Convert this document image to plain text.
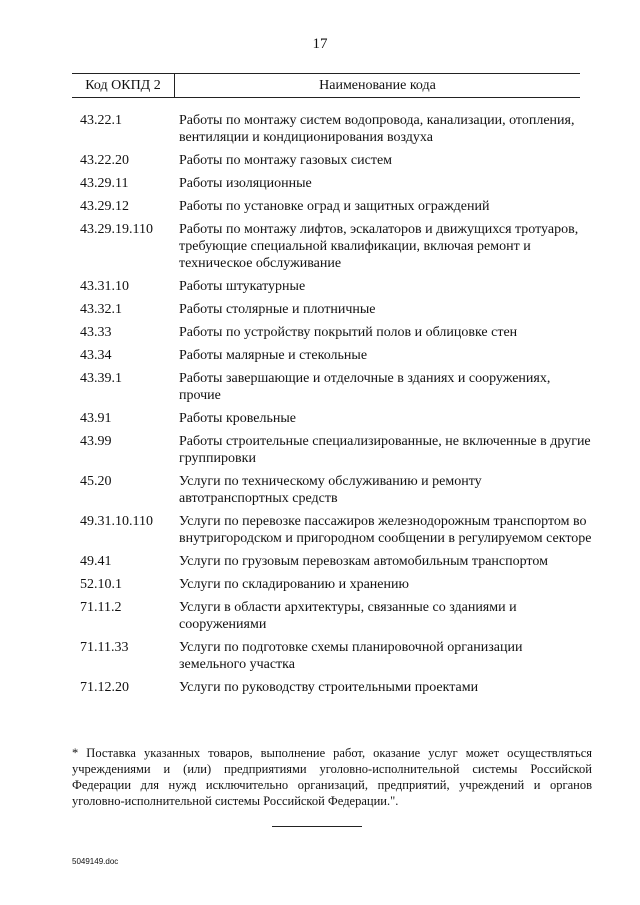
17
Код ОКПД 2	Наименование кода
43.22.1	Работы по монтажу систем водопровода, канализации, отопления, вентиляции и кондиционирования воздуха
43.22.20	Работы по монтажу газовых систем
43.29.11	Работы изоляционные
43.29.12	Работы по установке оград и защитных ограждений
43.29.19.110	Работы по монтажу лифтов, эскалаторов и движущихся тротуаров, требующие специальной квалификации, включая ремонт и техническое обслуживание
43.31.10	Работы штукатурные
43.32.1	Работы столярные и плотничные
43.33	Работы по устройству покрытий полов и облицовке стен
43.34	Работы малярные и стекольные
43.39.1	Работы завершающие и отделочные в зданиях и сооружениях, прочие
43.91	Работы кровельные
43.99	Работы строительные специализированные, не включенные в другие группировки
45.20	Услуги по техническому обслуживанию и ремонту автотранспортных средств
49.31.10.110	Услуги по перевозке пассажиров железнодорожным транспортом во внутригородском и пригородном сообщении в регулируемом секторе
49.41	Услуги по грузовым перевозкам автомобильным транспортом
52.10.1	Услуги по складированию и хранению
71.11.2	Услуги в области архитектуры, связанные со зданиями и сооружениями
71.11.33	Услуги по подготовке схемы планировочной организации земельного участка
71.12.20	Услуги по руководству строительными проектами
* Поставка указанных товаров, выполнение работ, оказание услуг может осуществляться учреждениями и (или) предприятиями уголовно-исполнительной системы Российской Федерации для нужд исключительно организаций, предприятий, учреждений и органов уголовно-исполнительной системы Российской Федерации.".
5049149.doc
